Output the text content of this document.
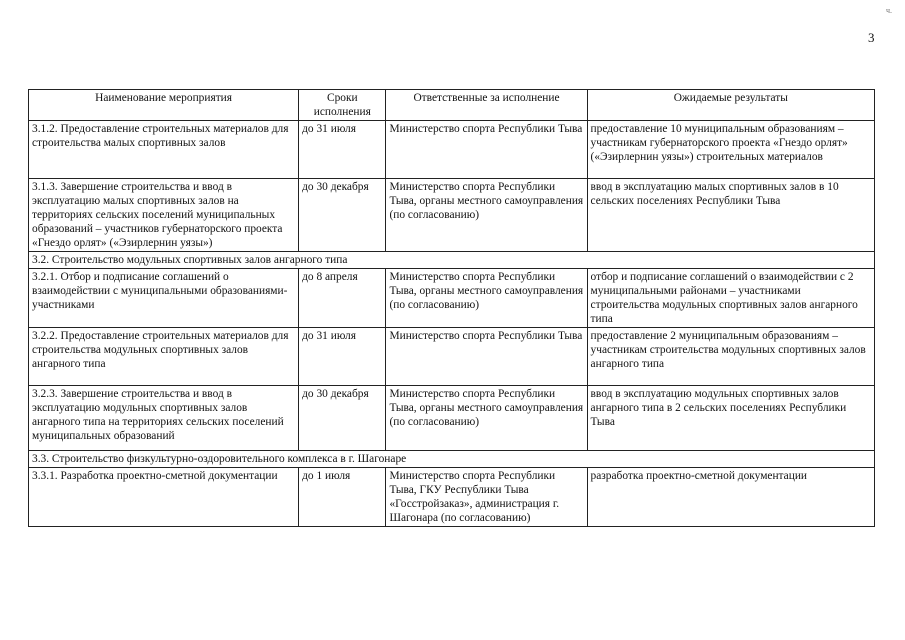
ч.
3
Наименование мероприятия	Сроки исполнения	Ответственные за исполнение	Ожидаемые результаты
3.1.2. Предоставление строительных материалов для строительства малых спортивных залов	до 31 июля	Министерство спорта Республики Тыва	предоставление 10 муниципальным образованиям – участникам губернаторского проекта «Гнездо орлят» («Эзирлернин уязы») строительных материалов
3.1.3. Завершение строительства и ввод в эксплуатацию малых спортивных залов на территориях сельских поселений муниципальных образований – участников губернаторского проекта «Гнездо орлят» («Эзирлернин уязы»)	до 30 декабря	Министерство спорта Республики Тыва, органы местного самоуправления (по согласованию)	ввод в эксплуатацию малых спортивных залов в 10 сельских поселениях Республики Тыва
3.2. Строительство модульных спортивных залов ангарного типа			
3.2.1. Отбор и подписание соглашений о взаимодействии с муниципальными образованиями-участниками	до 8 апреля	Министерство спорта Республики Тыва, органы местного самоуправления (по согласованию)	отбор и подписание соглашений о взаимодействии с 2 муниципальными районами – участниками строительства модульных спортивных залов ангарного типа
3.2.2. Предоставление строительных материалов для строительства модульных спортивных залов ангарного типа	до 31 июля	Министерство спорта Республики Тыва	предоставление 2 муниципальным образованиям – участникам строительства модульных спортивных залов ангарного типа
3.2.3. Завершение строительства и ввод в эксплуатацию модульных спортивных залов ангарного типа на территориях сельских поселений муниципальных образований	до 30 декабря	Министерство спорта Республики Тыва, органы местного самоуправления (по согласованию)	ввод в эксплуатацию модульных спортивных залов ангарного типа в 2 сельских поселениях Республики Тыва
3.3. Строительство физкультурно-оздоровительного комплекса в г. Шагонаре			
3.3.1. Разработка проектно-сметной документации	до 1 июля	Министерство спорта Республики Тыва, ГКУ Республики Тыва «Госстройзаказ», администрация г. Шагонара (по согласованию)	разработка проектно-сметной документации
